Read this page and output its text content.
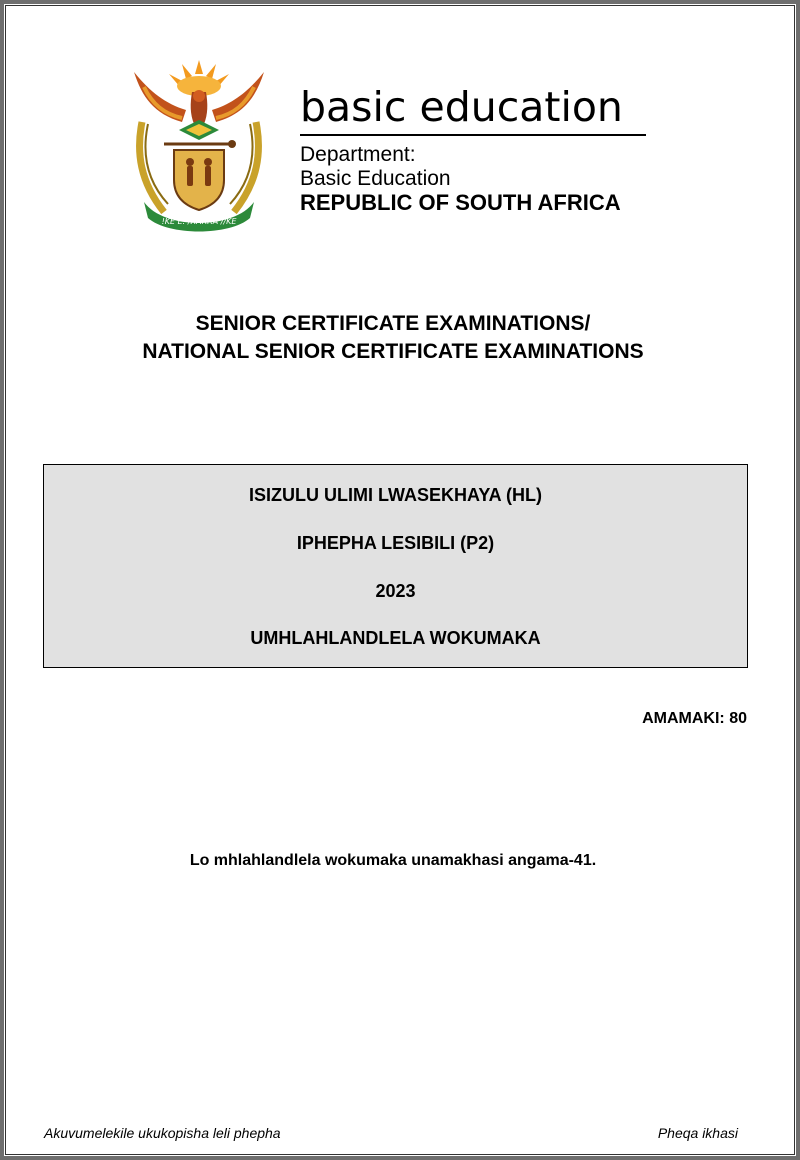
!KE E: /XARRA //KE
basic education
Department:
Basic Education
REPUBLIC OF SOUTH AFRICA
SENIOR CERTIFICATE EXAMINATIONS/
NATIONAL SENIOR CERTIFICATE EXAMINATIONS
ISIZULU ULIMI LWASEKHAYA (HL)
IPHEPHA LESIBILI (P2)
2023
UMHLAHLANDLELA WOKUMAKA
AMAMAKI: 80
Lo mhlahlandlela wokumaka unamakhasi angama-41.
Akuvumelekile ukukopisha leli phepha	Pheqa ikhasi
